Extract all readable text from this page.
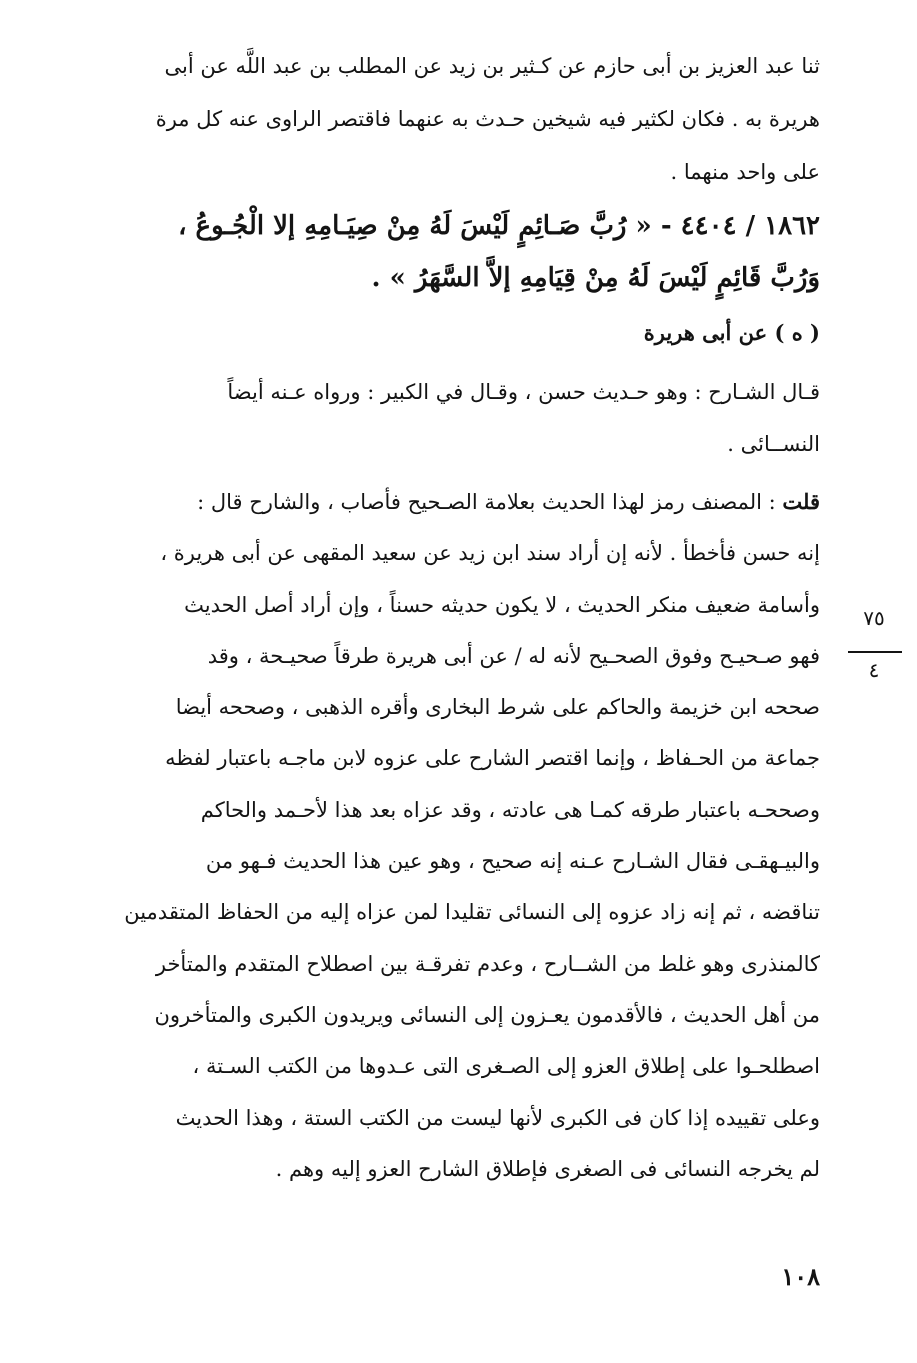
ثنا عبد العزيز بن أبى حازم عن كـثير بن زيد عن المطلب بن عبد اللَّه عن أبى
هريرة به . فكان لكثير فيه شيخين حـدث به عنهما فاقتصر الراوى عنه كل مرة
على واحد منهما .
١٨٦٢ / ٤٤٠٤ - « رُبَّ صَـائِمٍ لَيْسَ لَهُ مِنْ صِيَـامِهِ إلا الْجُـوعُ ،
وَرُبَّ قَائِمٍ لَيْسَ لَهُ مِنْ قِيَامِهِ إلاَّ السَّهَرُ » .
( ه ) عن أبى هريرة
قـال الشـارح : وهو حـديث حسن ، وقـال في الكبير : ورواه عـنه أيضاً
النســائى .
قلت : المصنف رمز لهذا الحديث بعلامة الصـحيح فأصاب ، والشارح قال :
إنه حسن فأخطأ . لأنه إن أراد سند ابن زيد عن سعيد المقهى عن أبى هريرة ،
وأسامة ضعيف منكر الحديث ، لا يكون حديثه حسناً ، وإن أراد أصل الحديث
فهو صـحيـح وفوق الصحـيح لأنه له / عن أبى هريرة طرقاً صحيـحة ، وقد
صححه ابن خزيمة والحاكم على شرط البخارى وأقره الذهبى ، وصححه أيضا
جماعة من الحـفاظ ، وإنما اقتصر الشارح على عزوه لابن ماجـه باعتبار لفظه
وصححـه باعتبار طرقه كمـا هى عادته ، وقد عزاه بعد هذا لأحـمد والحاكم
والبيـهقـى فقال الشـارح عـنه إنه صحيح ، وهو عين هذا الحديث فـهو من
تناقضه ، ثم إنه زاد عزوه إلى النسائى تقليدا لمن عزاه إليه من الحفاظ المتقدمين
كالمنذرى وهو غلط من الشــارح ، وعدم تفرقـة بين اصطلاح المتقدم والمتأخر
من أهل الحديث ، فالأقدمون يعـزون إلى النسائى ويريدون الكبرى والمتأخرون
اصطلحـوا على إطلاق العزو إلى الصـغرى التى عـدوها من الكتب السـتة ،
وعلى تقييده إذا كان فى الكبرى لأنها ليست من الكتب الستة ، وهذا الحديث
لم يخرجه النسائى فى الصغرى فإطلاق الشارح العزو إليه وهم .
٧٥
٤
١٠٨
